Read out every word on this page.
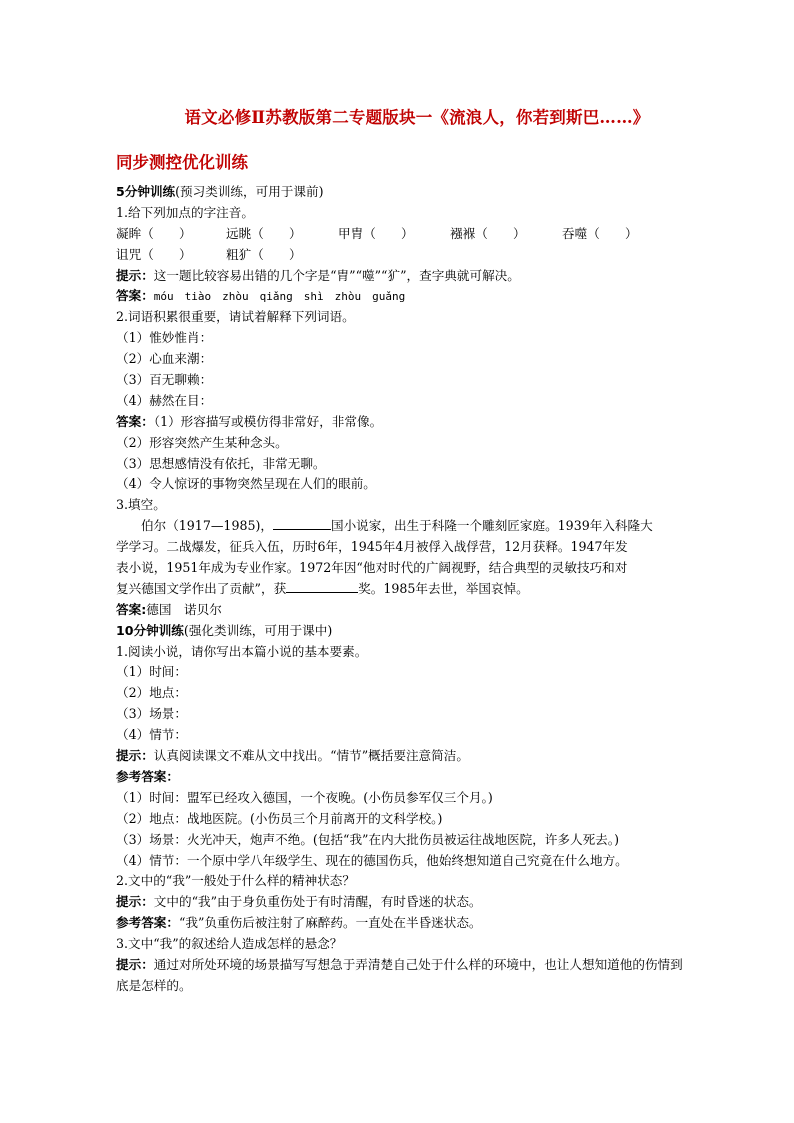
语文必修Ⅱ苏教版第二专题版块一《流浪人，你若到斯巴……》
同步测控优化训练
5分钟训练(预习类训练，可用于课前)
1.给下列加点的字注音。
凝眸（　　）	远眺（　　）	甲胄（　　）	襁褓（　　）	吞噬（　　）
诅咒（　　）	粗犷（　　）
提示：这一题比较容易出错的几个字是“胄”“噬”“犷”，查字典就可解决。
答案：móu　tiào　zhòu　qiǎng　shì　zhòu　guǎng
2.词语积累很重要，请试着解释下列词语。
（1）惟妙惟肖：
（2）心血来潮：
（3）百无聊赖：
（4）赫然在目：
答案：（1）形容描写或模仿得非常好，非常像。
（2）形容突然产生某种念头。
（3）思想感情没有依托，非常无聊。
（4）令人惊讶的事物突然呈现在人们的眼前。
3.填空。
伯尔（1917—1985)，	国小说家，出生于科隆一个雕刻匠家庭。1939年入科隆大
学学习。二战爆发，征兵入伍，历时6年，1945年4月被俘入战俘营，12月获释。1947年发
表小说，1951年成为专业作家。1972年因“他对时代的广阔视野，结合典型的灵敏技巧和对
复兴德国文学作出了贡献”，获	奖。1985年去世，举国哀悼。
答案:德国　诺贝尔
10分钟训练(强化类训练，可用于课中)
1.阅读小说，请你写出本篇小说的基本要素。
（1）时间：
（2）地点：
（3）场景：
（4）情节：
提示：认真阅读课文不难从文中找出。“情节”概括要注意简洁。
参考答案：
（1）时间：盟军已经攻入德国，一个夜晚。(小伤员参军仅三个月。)
（2）地点：战地医院。(小伤员三个月前离开的文科学校。)
（3）场景：火光冲天，炮声不绝。(包括“我”在内大批伤员被运往战地医院，许多人死去。)
（4）情节：一个原中学八年级学生、现在的德国伤兵，他始终想知道自己究竟在什么地方。
2.文中的“我”一般处于什么样的精神状态？
提示：文中的“我”由于身负重伤处于有时清醒，有时昏迷的状态。
参考答案：“我”负重伤后被注射了麻醉药。一直处在半昏迷状态。
3.文中“我”的叙述给人造成怎样的悬念？
提示：通过对所处环境的场景描写写想急于弄清楚自己处于什么样的环境中，也让人想知道他的伤情到底是怎样的。
